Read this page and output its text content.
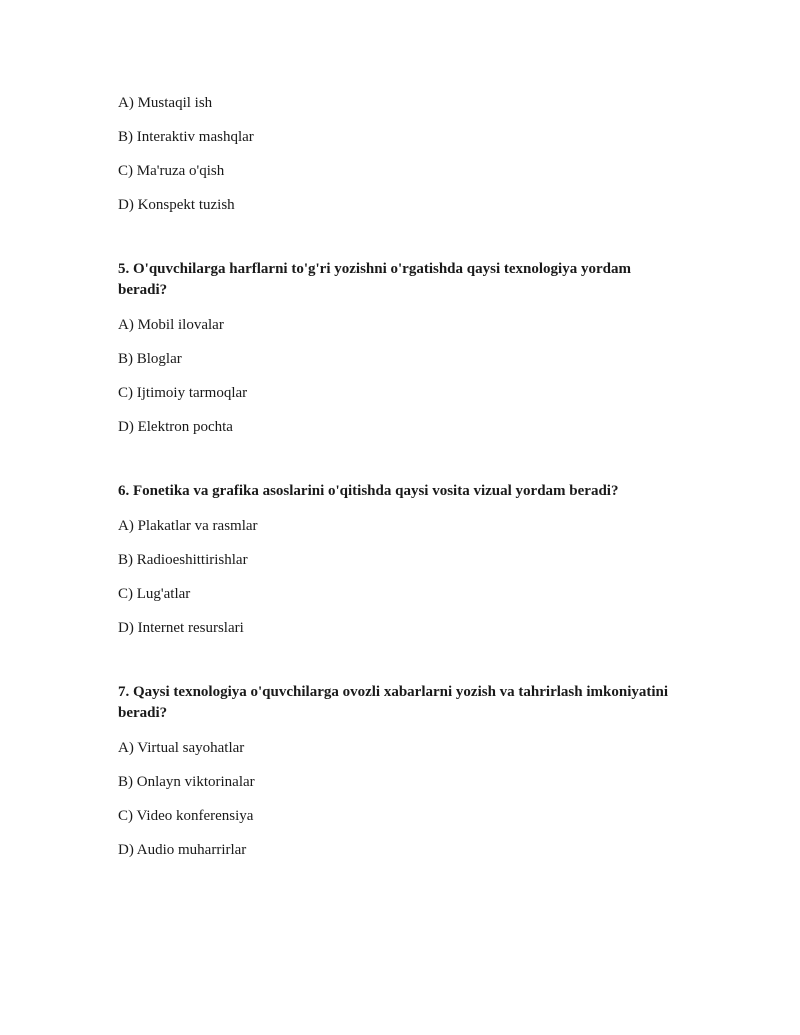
A) Mustaqil ish
B) Interaktiv mashqlar
C) Ma'ruza o'qish
D) Konspekt tuzish
5. O'quvchilarga harflarni to'g'ri yozishni o'rgatishda qaysi texnologiya yordam beradi?
A) Mobil ilovalar
B) Bloglar
C) Ijtimoiy tarmoqlar
D) Elektron pochta
6. Fonetika va grafika asoslarini o'qitishda qaysi vosita vizual yordam beradi?
A) Plakatlar va rasmlar
B) Radioeshittirishlar
C) Lug'atlar
D) Internet resurslari
7. Qaysi texnologiya o'quvchilarga ovozli xabarlarni yozish va tahrirlash imkoniyatini beradi?
A) Virtual sayohatlar
B) Onlayn viktorinalar
C) Video konferensiya
D) Audio muharrirlar
